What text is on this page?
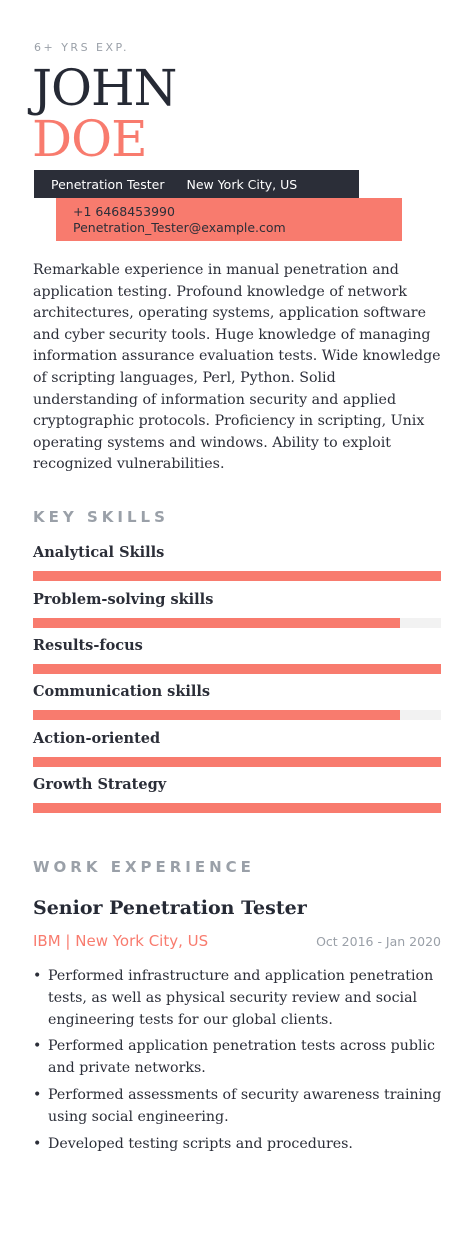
6+ YRS EXP.
JOHN
DOE
Penetration Tester New York City, US
+1 6468453990
Penetration_Tester@example.com
Remarkable experience in manual penetration and application testing. Profound knowledge of network architectures, operating systems, application software and cyber security tools. Huge knowledge of managing information assurance evaluation tests. Wide knowledge of scripting languages, Perl, Python. Solid understanding of information security and applied cryptographic protocols. Proficiency in scripting, Unix operating systems and windows. Ability to exploit recognized vulnerabilities.
KEY SKILLS
Analytical Skills
Problem-solving skills
Results-focus
Communication skills
Action-oriented
Growth Strategy
WORK EXPERIENCE
Senior Penetration Tester
IBM | New York City, US	Oct 2016 - Jan 2020
• Performed infrastructure and application penetration tests, as well as physical security review and social engineering tests for our global clients.
• Performed application penetration tests across public and private networks.
• Performed assessments of security awareness training using social engineering.
• Developed testing scripts and procedures.
